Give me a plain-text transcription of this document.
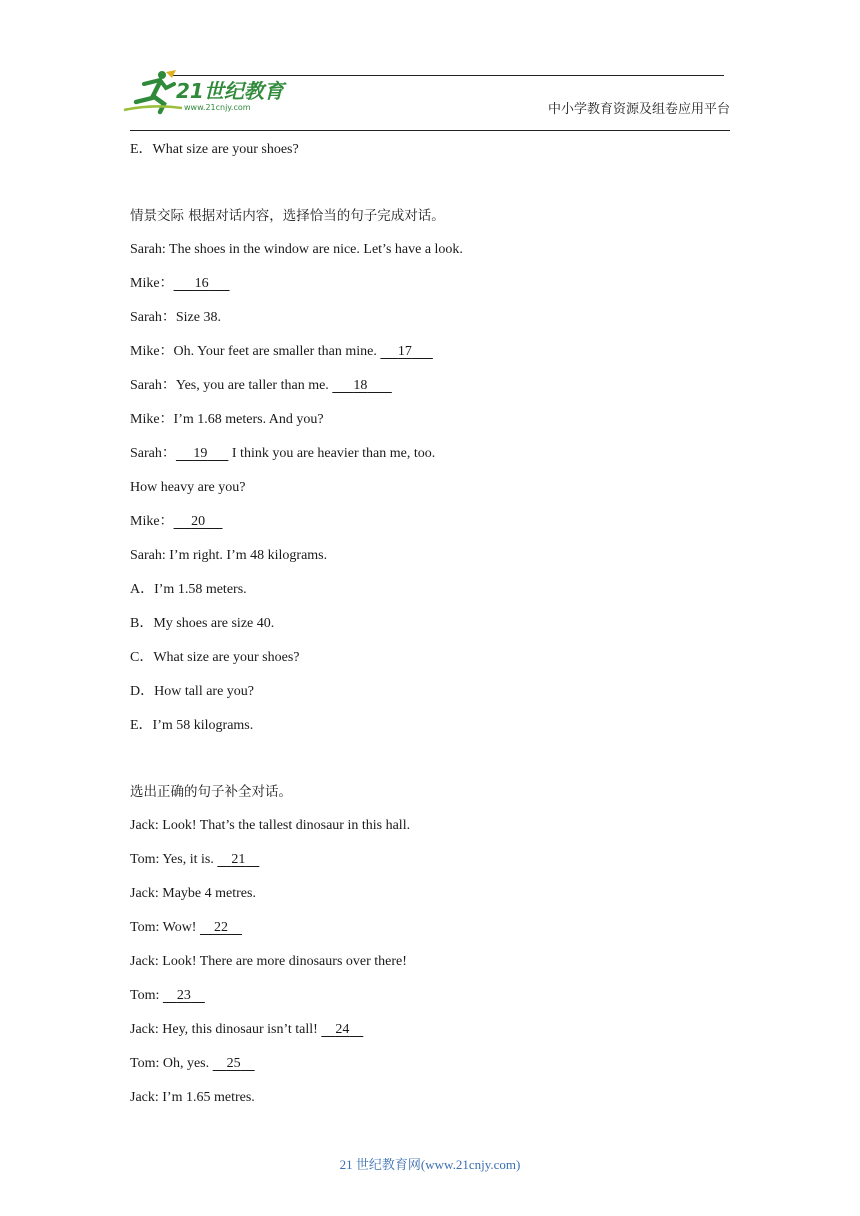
21世纪教育
www.21cnjy.com	中小学教育资源及组卷应用平台
E．What size are your shoes?
情景交际 根据对话内容，选择恰当的句子完成对话。
Sarah: The shoes in the window are nice. Let’s have a look.
Mike： 16
Sarah：Size 38.
Mike：Oh. Your feet are smaller than mine.      17
Sarah：Yes, you are taller than me.       18
Mike：I’m 1.68 meters. And you?
Sarah： 19       I think you are heavier than me, too.
How heavy are you?
Mike： 20
Sarah: I’m right. I’m 48 kilograms.
A．I’m 1.58 meters.
B．My shoes are size 40.
C．What size are your shoes?
D．How tall are you?
E．I’m 58 kilograms.
选出正确的句子补全对话。
Jack: Look! That’s the tallest dinosaur in this hall.
Tom: Yes, it is.     21
Jack: Maybe 4 metres.
Tom: Wow!     22
Jack: Look! There are more dinosaurs over there!
Tom:     23
Jack: Hey, this dinosaur isn’t tall!     24
Tom: Oh, yes.     25
Jack: I’m 1.65 metres.
21 世纪教育网(www.21cnjy.com)
